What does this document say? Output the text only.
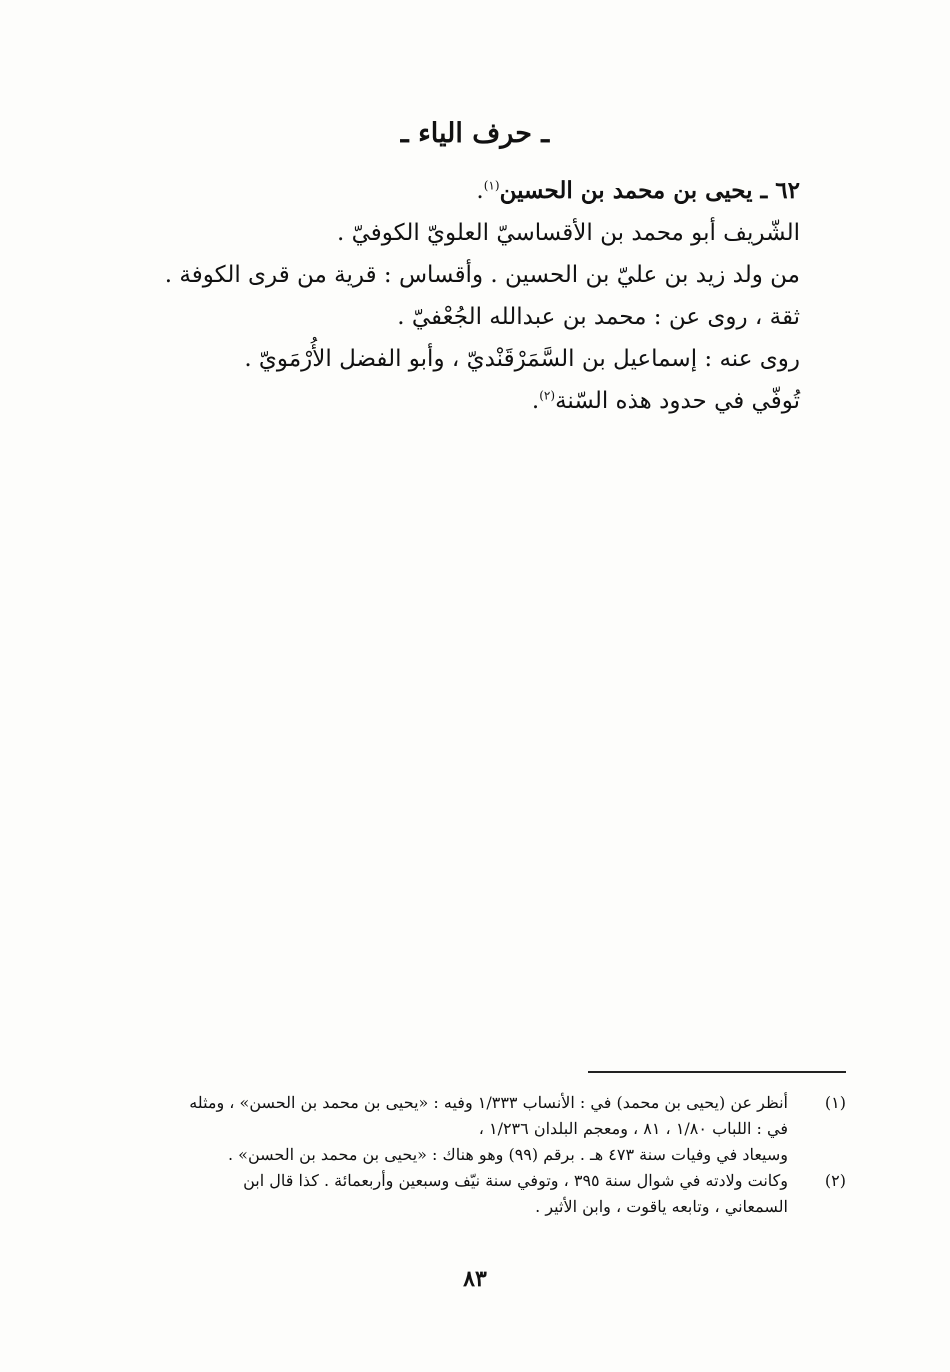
ـ حرف الياء ـ
٦٢ ـ يحيى بن محمد بن الحسين$^{(١)}$.
الشّريف أبو محمد بن الأقساسيّ العلويّ الكوفيّ .
من ولد زيد بن عليّ بن الحسين . وأقساس : قرية من قرى الكوفة .
ثقة ، روى عن : محمد بن عبدالله الجُعْفيّ .
روى عنه : إسماعيل بن السَّمَرْقَنْديّ ، وأبو الفضل الأُرْمَويّ .
تُوفّي في حدود هذه السّنة$^{(٢)}$.
(١)
أنظر عن (يحيى بن محمد) في : الأنساب ١/٣٣٣ وفيه : «يحيى بن محمد بن الحسن» ، ومثله
في : اللباب ١/٨٠ ، ٨١ ، ومعجم البلدان ١/٢٣٦ ،
وسيعاد في وفيات سنة ٤٧٣ هـ . برقم (٩٩) وهو هناك : «يحيى بن محمد بن الحسن» .
(٢)
وكانت ولادته في شوال سنة ٣٩٥ ، وتوفي سنة نيّف وسبعين وأربعمائة . كذا قال ابن
السمعاني ، وتابعه ياقوت ، وابن الأثير .
٨٣
